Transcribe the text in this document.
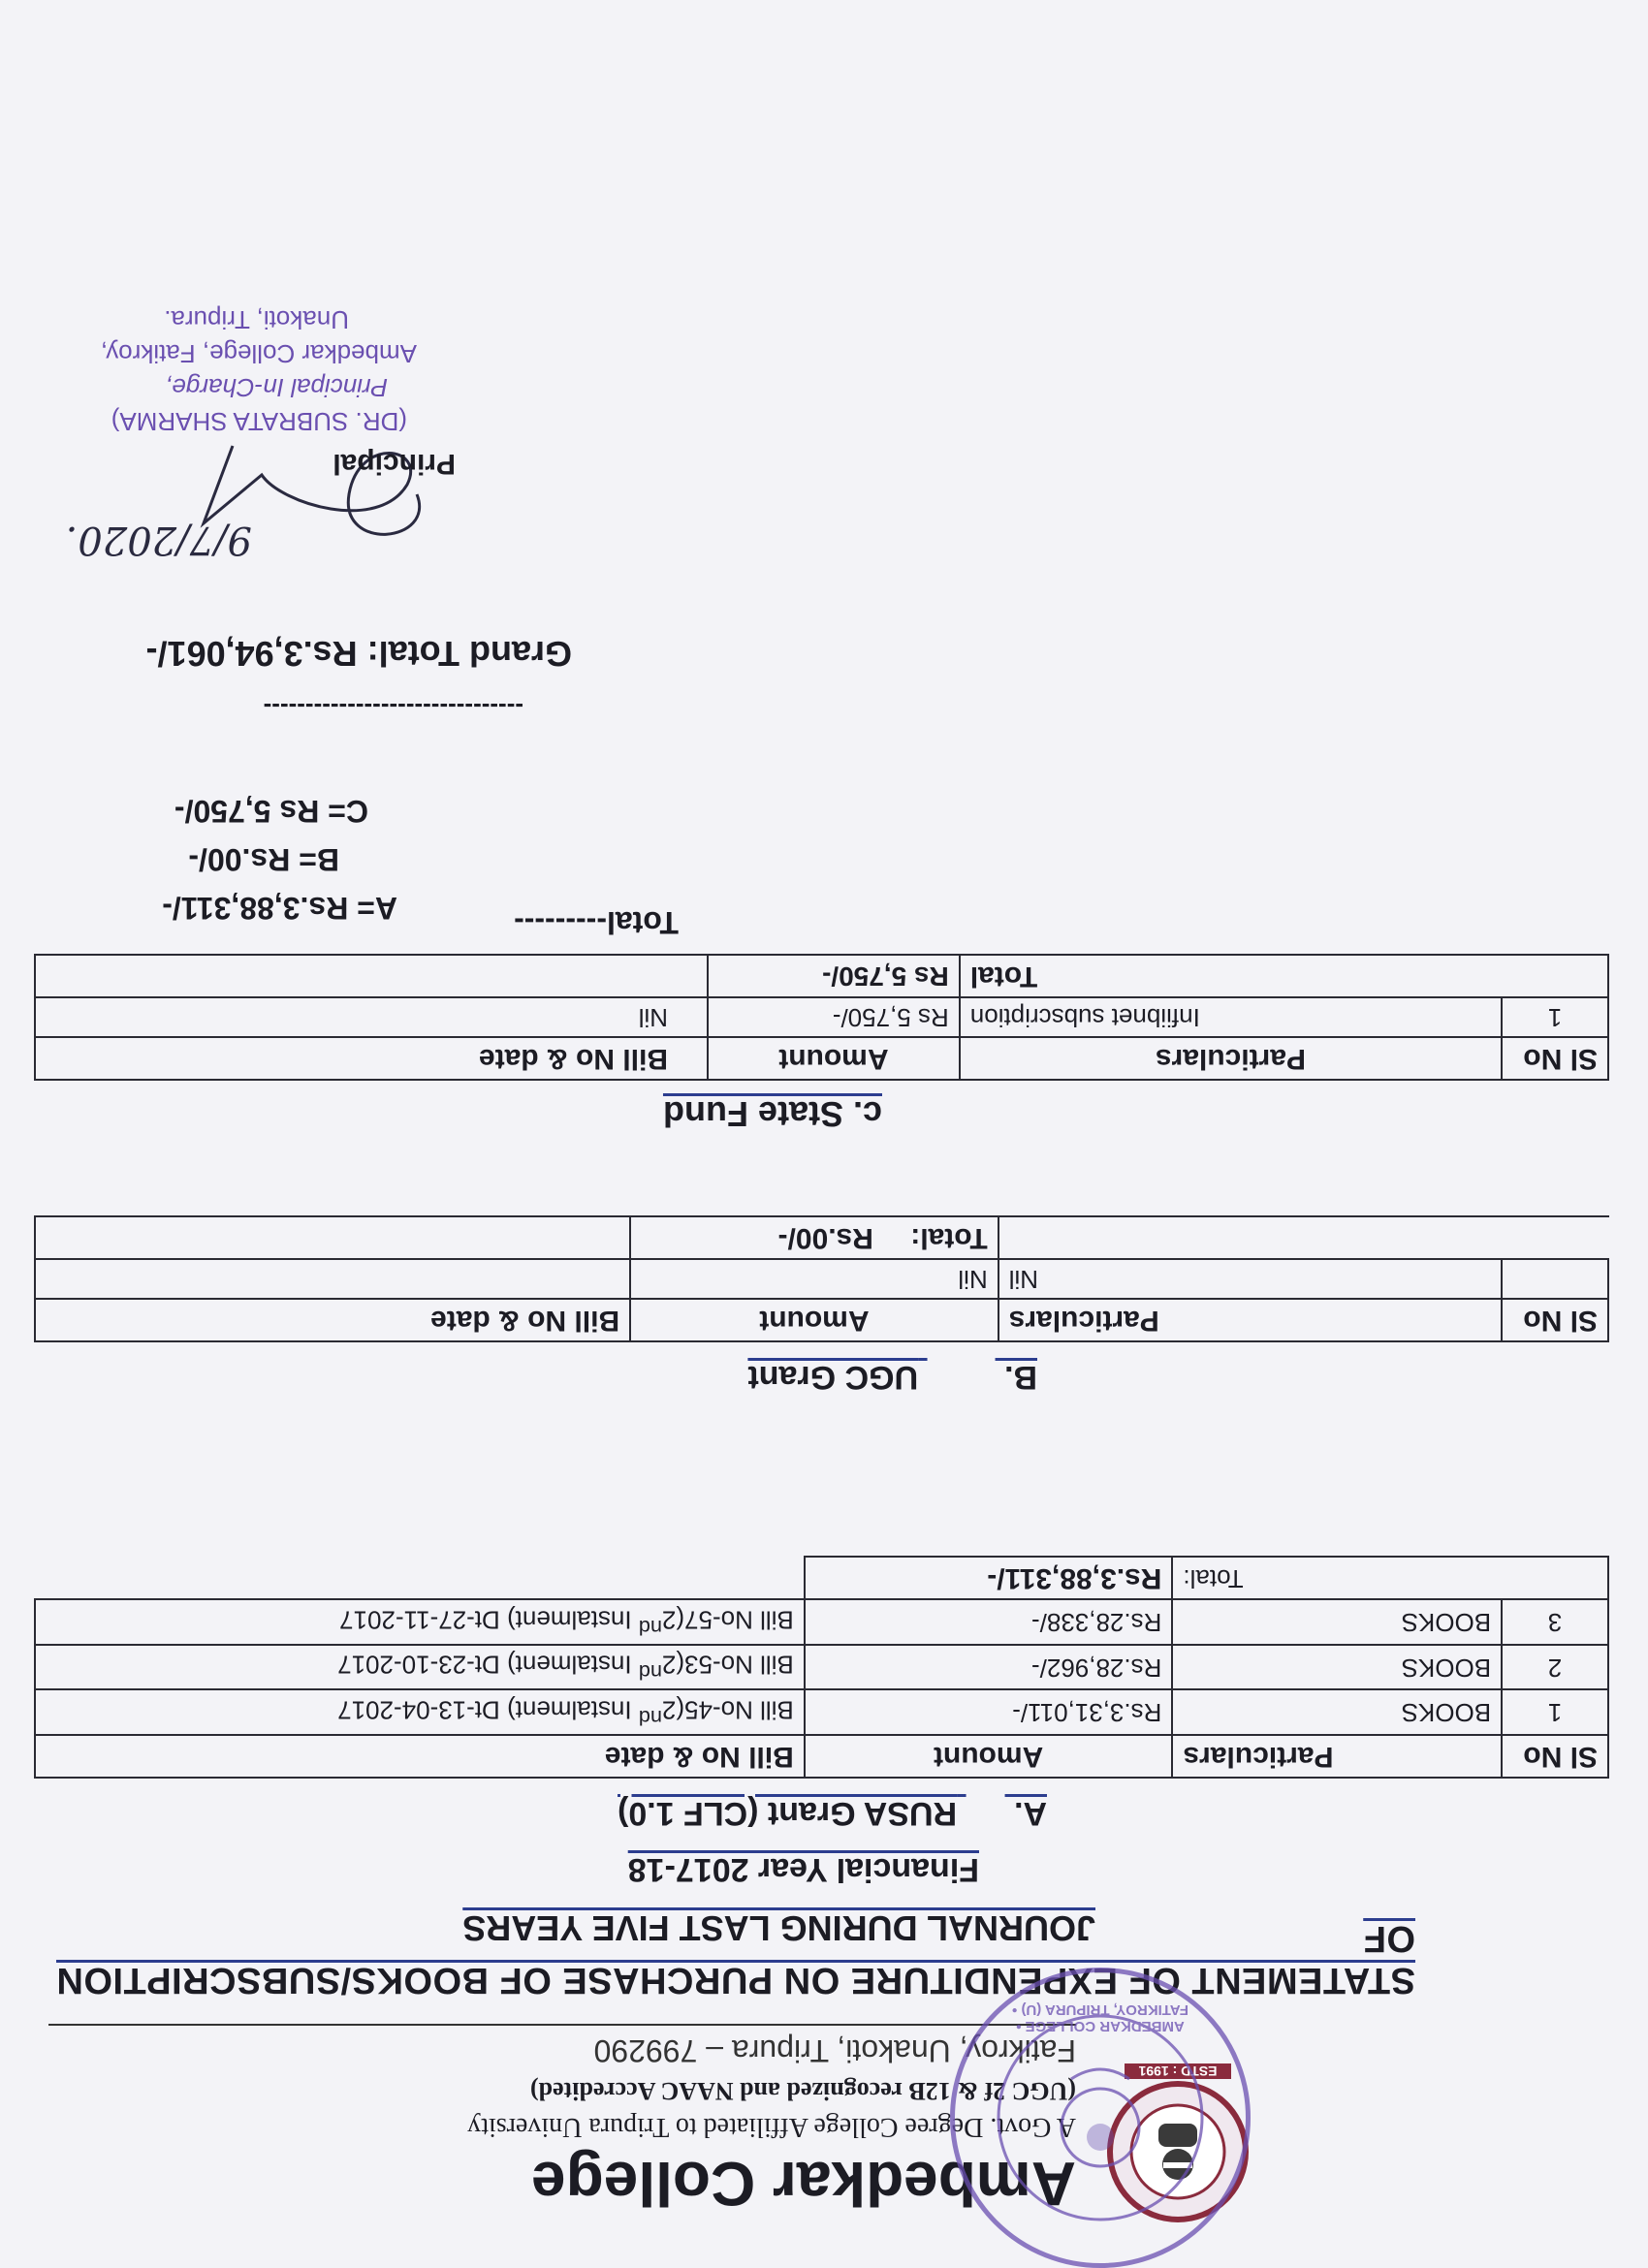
ESTD : 1991
Ambedkar College
A Govt. Degree College Affiliated to Tripura University
(UGC 2f & 12B recognized and NAAC Accredited)
Fatikroy, Unakoti, Tripura – 799290
STATEMENT OF EXPENDITURE ON PURCHASE OF BOOKS/SUBSCRIPTION OF
JOURNAL DURING LAST FIVE YEARS
Financial Year 2017-18
A.  RUSA Grant (CLF 1.0)
Sl No	Particulars	Amount	Bill No & date
1	BOOKS	Rs.3,31,011/-	Bill No-45(2nd Instalment) Dt-13-04-2017
2	BOOKS	Rs.28,962/-	Bill No-53(2nd Instalment) Dt-23-10-2017
3	BOOKS	Rs.28,338/-	Bill No-57(2nd Instalment) Dt-27-11-2017
Total:		Rs.3,88,311/-	
B.  UGC Grant
Sl No	Particulars	Amount	Bill No & date
	Nil	Nil	
		Total: Rs.00/-	
c. State Fund
Sl No	Particulars	Amount	Bill No & date
1	Infiibnet subscription	Rs 5,750/-	Nil
Total		Rs 5,750/-	
Total---------
A= Rs.3,88,311/-
B= Rs.00/-
C= Rs 5,750/-
-------------------------------
Grand Total: Rs.3,94,061/-
9/7/2020.
Principal
(DR. SUBRATA SHARMA)
Principal In-Charge,
Ambedkar College, Fatikroy,
Unakoti, Tripura.
AMBEDKAR COLLEGE • FATIKROY, TRIPURA (U) •
